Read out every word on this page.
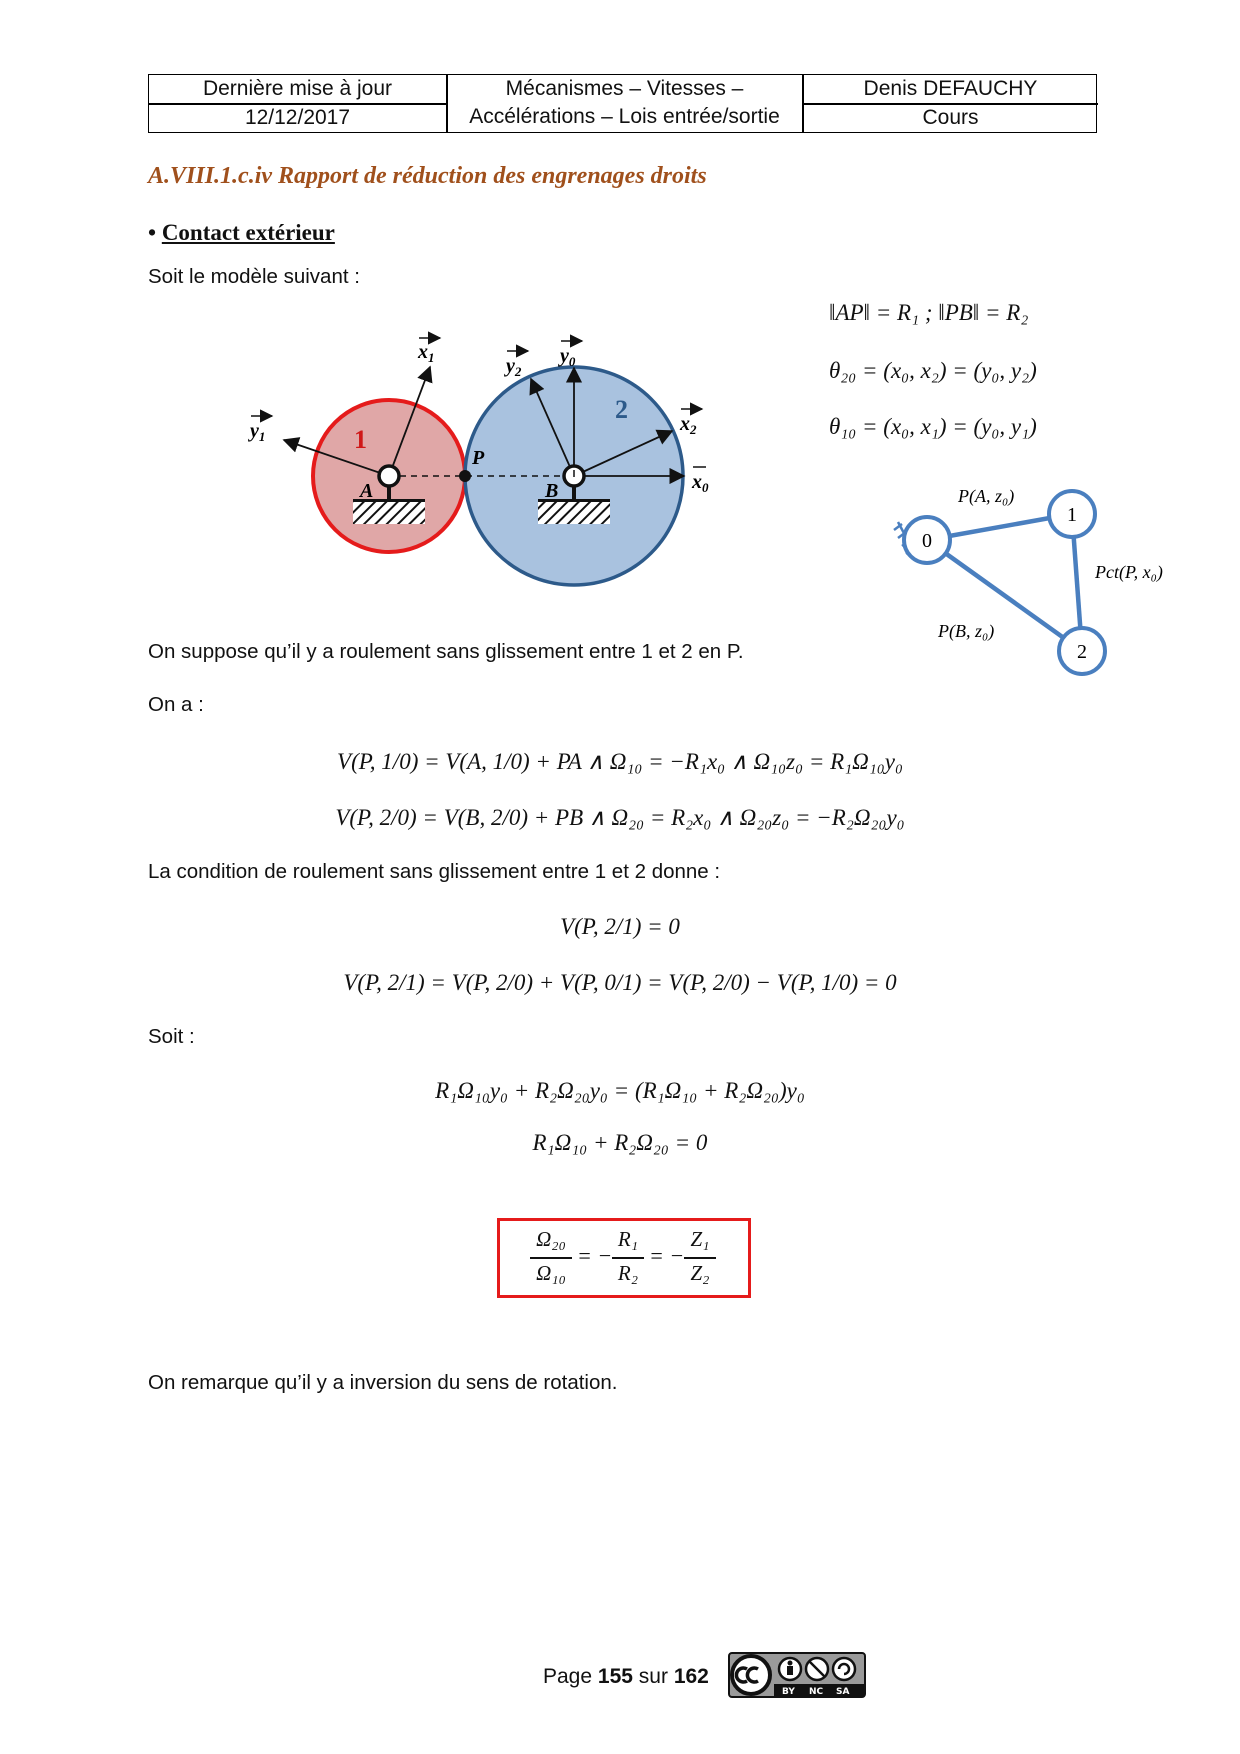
Dernière mise à jour
12/12/2017
Mécanismes – Vitesses –
Accélérations – Lois entrée/sortie
Denis DEFAUCHY
Cours
A.VIII.1.c.iv Rapport de réduction des engrenages droits
• Contact extérieur
Soit le modèle suivant :
1
2
A	B
P
$x_1$
$y_1$
$y_0$
$y_2$
$x_2$
$x_0$
‖AP‖ = R₁ ; ‖PB‖ = R₂
θ₂₀ = (x₀, x₂) = (y₀, y₂)
θ₁₀ = (x₀, x₁) = (y₀, y₁)
0
1
2
P(A, z₀)
Pct(P, x₀)
P(B, z₀)
On suppose qu’il y a roulement sans glissement entre 1 et 2 en P.
On a :
V(P, 1/0) = V(A, 1/0) + PA ∧ Ω₁₀ = −R₁x₀ ∧ Ω₁₀z₀ = R₁Ω₁₀y₀
V(P, 2/0) = V(B, 2/0) + PB ∧ Ω₂₀ = R₂x₀ ∧ Ω₂₀z₀ = −R₂Ω₂₀y₀
La condition de roulement sans glissement entre 1 et 2 donne :
V(P, 2/1) = 0
V(P, 2/1) = V(P, 2/0) + V(P, 0/1) = V(P, 2/0) − V(P, 1/0) = 0
Soit :
R₁Ω₁₀y₀ + R₂Ω₂₀y₀ = (R₁Ω₁₀ + R₂Ω₂₀)y₀
R₁Ω₁₀ + R₂Ω₂₀ = 0
Ω₂₀
Ω₁₀
= −
R₁
R₂
= −
Z₁
Z₂
On remarque qu’il y a inversion du sens de rotation.
Page 155 sur 162
BY NC SA
